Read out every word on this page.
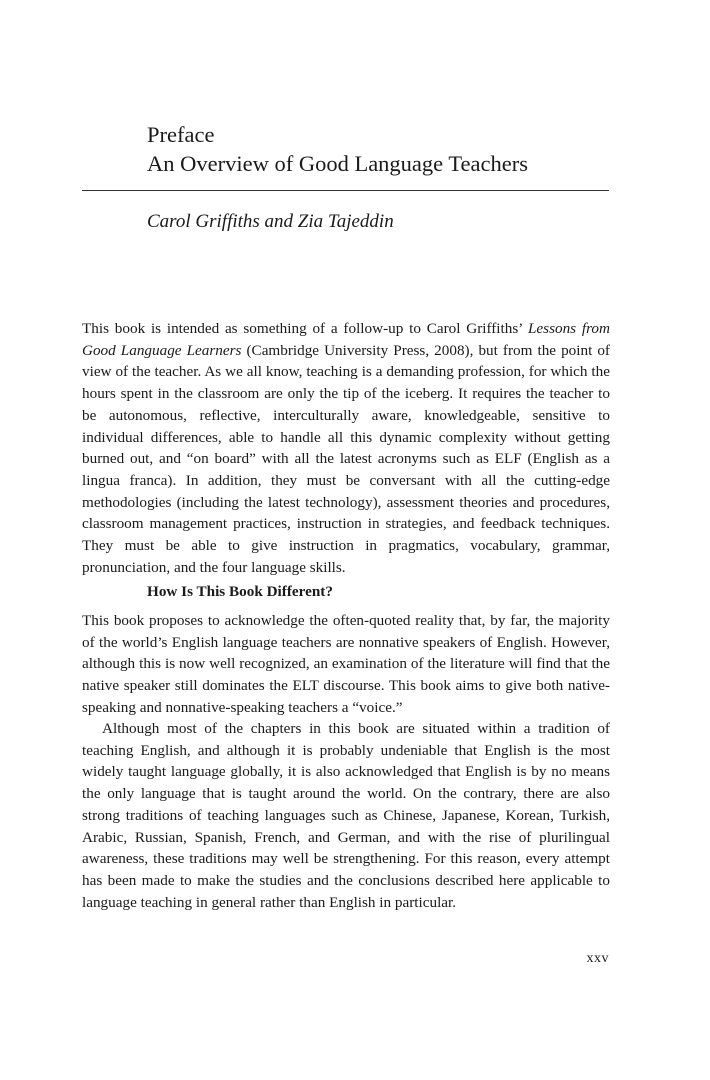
Preface
An Overview of Good Language Teachers

Carol Griffiths and Zia Tajeddin

This book is intended as something of a follow-up to Carol Griffiths’ Lessons from Good Language Learners (Cambridge University Press, 2008), but from the point of view of the teacher. As we all know, teaching is a demanding profession, for which the hours spent in the classroom are only the tip of the iceberg. It requires the teacher to be autonomous, reflective, interculturally aware, knowledgeable, sensitive to individual differences, able to handle all this dynamic complexity without getting burned out, and “on board” with all the latest acronyms such as ELF (English as a lingua franca). In addition, they must be conversant with all the cutting-edge methodologies (including the latest technology), assessment theories and procedures, classroom management practices, instruction in strategies, and feedback techniques. They must be able to give instruction in pragmatics, vocabulary, grammar, pronunciation, and the four language skills.

How Is This Book Different?

This book proposes to acknowledge the often-quoted reality that, by far, the majority of the world’s English language teachers are nonnative speakers of English. However, although this is now well recognized, an examination of the literature will find that the native speaker still dominates the ELT discourse. This book aims to give both native-speaking and nonnative-speaking teachers a “voice.”

Although most of the chapters in this book are situated within a tradition of teaching English, and although it is probably undeniable that English is the most widely taught language globally, it is also acknowledged that English is by no means the only language that is taught around the world. On the contrary, there are also strong traditions of teaching languages such as Chinese, Japanese, Korean, Turkish, Arabic, Russian, Spanish, French, and German, and with the rise of plurilingual awareness, these traditions may well be strengthening. For this reason, every attempt has been made to make the studies and the conclusions described here applicable to language teaching in general rather than English in particular.

xxv
